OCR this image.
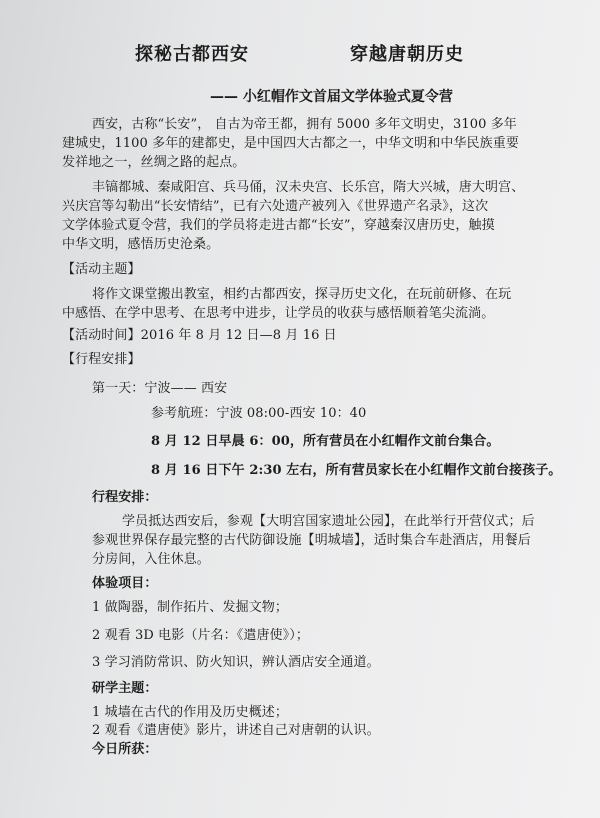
探秘古都西安	穿越唐朝历史
—— 小红帽作文首届文学体验式夏令营
西安，古称“长安”， 自古为帝王都，拥有 5000 多年文明史，3100 多年
建城史，1100 多年的建都史，是中国四大古都之一，中华文明和中华民族重要
发祥地之一，丝绸之路的起点。
丰镐都城、秦咸阳宫、兵马俑，汉未央宫、长乐宫，隋大兴城，唐大明宫、
兴庆宫等勾勒出“长安情结”，已有六处遗产被列入《世界遗产名录》，这次
文学体验式夏令营，我们的学员将走进古都“长安”，穿越秦汉唐历史，触摸
中华文明，感悟历史沧桑。
【活动主题】
将作文课堂搬出教室，相约古都西安，探寻历史文化，在玩前研修、在玩
中感悟、在学中思考、在思考中进步，让学员的收获与感悟顺着笔尖流淌。
【活动时间】2016 年 8 月 12 日—8 月 16 日
【行程安排】
第一天：宁波—— 西安
参考航班：宁波 08:00-西安 10：40
8 月 12 日早晨 6：00，所有营员在小红帽作文前台集合。
8 月 16 日下午 2:30 左右，所有营员家长在小红帽作文前台接孩子。
行程安排：
学员抵达西安后，参观【大明宫国家遗址公园】，在此举行开营仪式；后
参观世界保存最完整的古代防御设施【明城墙】，适时集合车赴酒店，用餐后
分房间，入住休息。
体验项目：
1 做陶器，制作拓片、发掘文物；
2 观看 3D 电影（片名：《遣唐使》）；
3 学习消防常识、防火知识，辨认酒店安全通道。
研学主题：
1 城墙在古代的作用及历史概述；
2 观看《遣唐使》影片，讲述自己对唐朝的认识。
今日所获：
